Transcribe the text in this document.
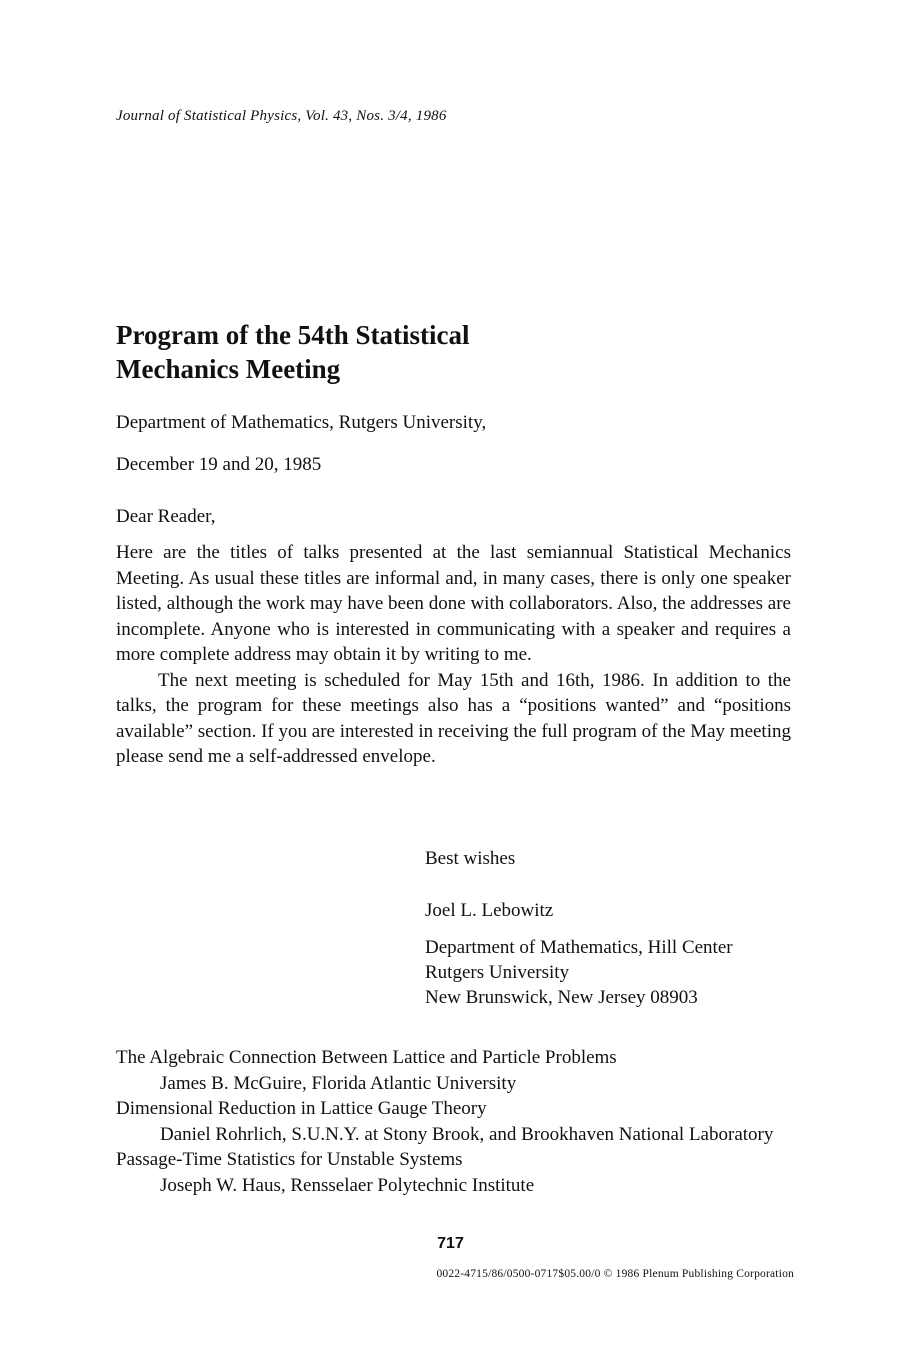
Journal of Statistical Physics, Vol. 43, Nos. 3/4, 1986
Program of the 54th Statistical
Mechanics Meeting
Department of Mathematics, Rutgers University,
December 19 and 20, 1985
Dear Reader,

Here are the titles of talks presented at the last semiannual Statistical Mechanics Meeting. As usual these titles are informal and, in many cases, there is only one speaker listed, although the work may have been done with collaborators. Also, the addresses are incomplete. Anyone who is interested in communicating with a speaker and requires a more complete address may obtain it by writing to me.

The next meeting is scheduled for May 15th and 16th, 1986. In addition to the talks, the program for these meetings also has a “positions wanted” and “positions available” section. If you are interested in receiving the full program of the May meeting please send me a self-addressed envelope.

Best wishes
Joel L. Lebowitz
Department of Mathematics, Hill Center
Rutgers University
New Brunswick, New Jersey 08903
The Algebraic Connection Between Lattice and Particle Problems
James B. McGuire, Florida Atlantic University
Dimensional Reduction in Lattice Gauge Theory
Daniel Rohrlich, S.U.N.Y. at Stony Brook, and Brookhaven National Laboratory
Passage-Time Statistics for Unstable Systems
Joseph W. Haus, Rensselaer Polytechnic Institute
717
0022-4715/86/0500-0717$05.00/0 © 1986 Plenum Publishing Corporation
